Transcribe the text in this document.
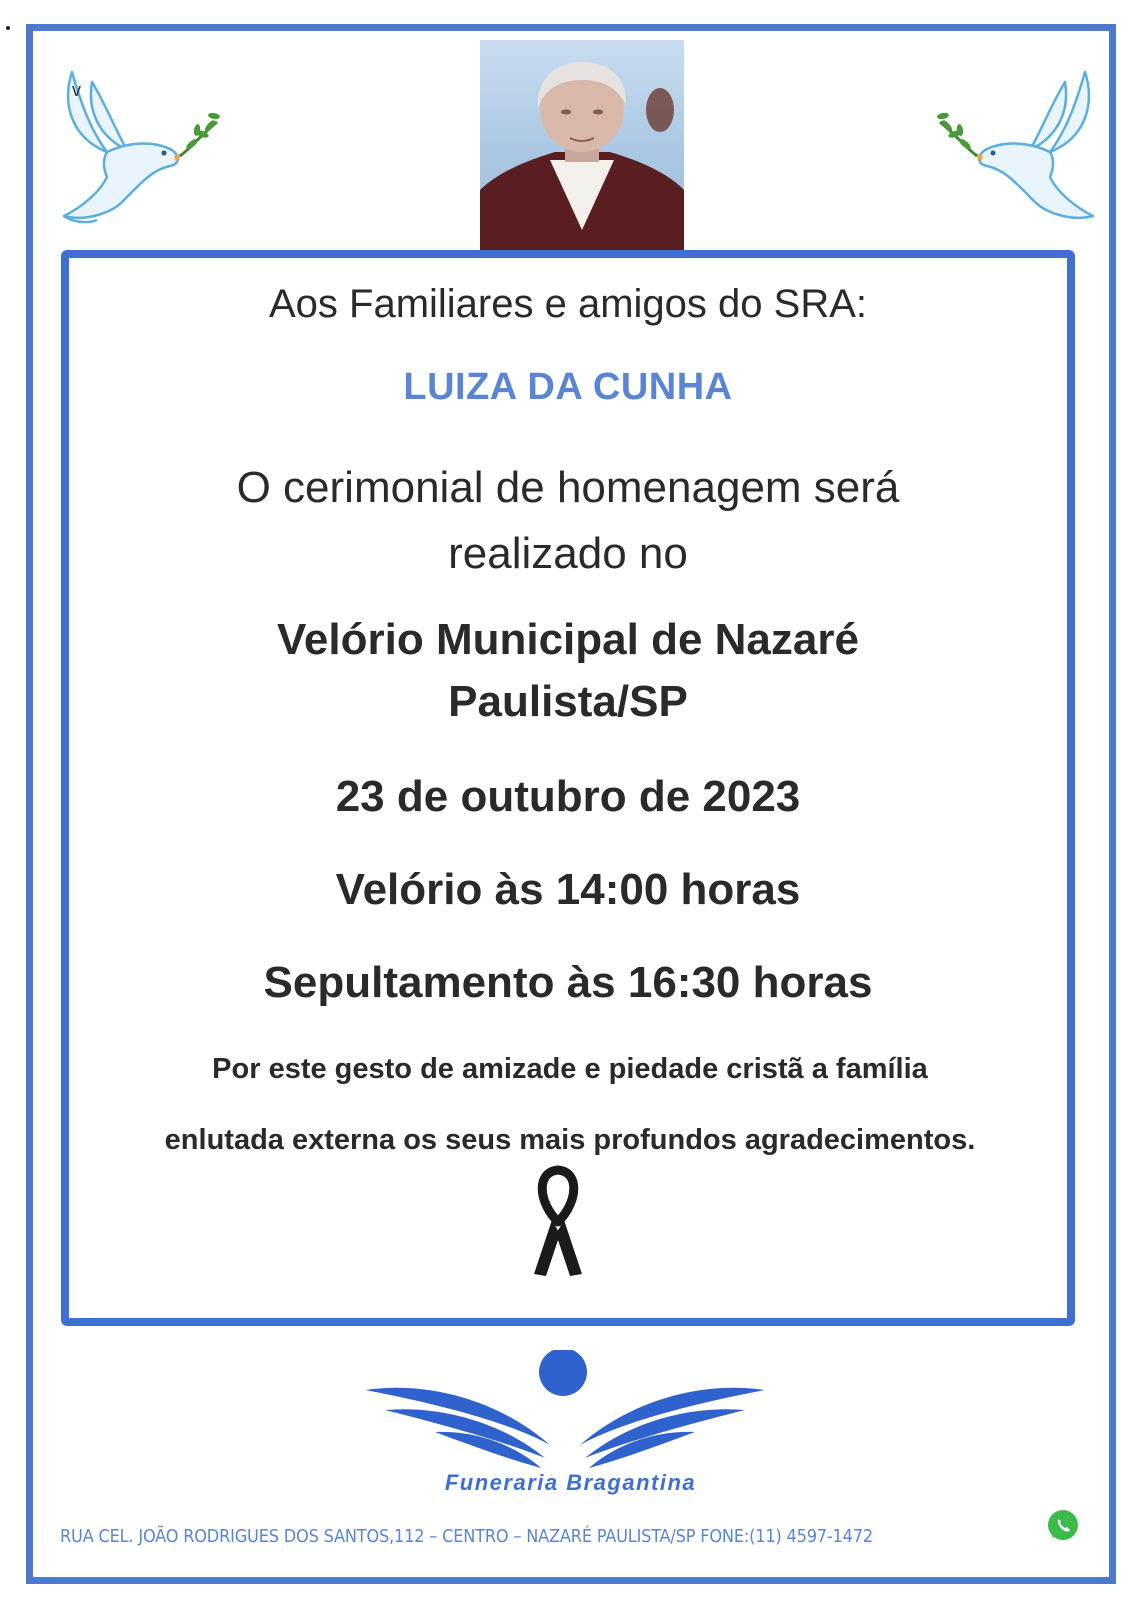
v
Aos Familiares e amigos do SRA:
LUIZA DA CUNHA
O cerimonial de homenagem será
realizado no
Velório Municipal de Nazaré
Paulista/SP
23 de outubro de 2023
Velório às 14:00 horas
Sepultamento às 16:30 horas
Por este gesto de amizade e piedade cristã a família
enlutada externa os seus mais profundos agradecimentos.
Funeraria Bragantina
RUA CEL. JOÃO RODRIGUES DOS SANTOS,112 – CENTRO – NAZARÉ PAULISTA/SP FONE:(11) 4597-1472
